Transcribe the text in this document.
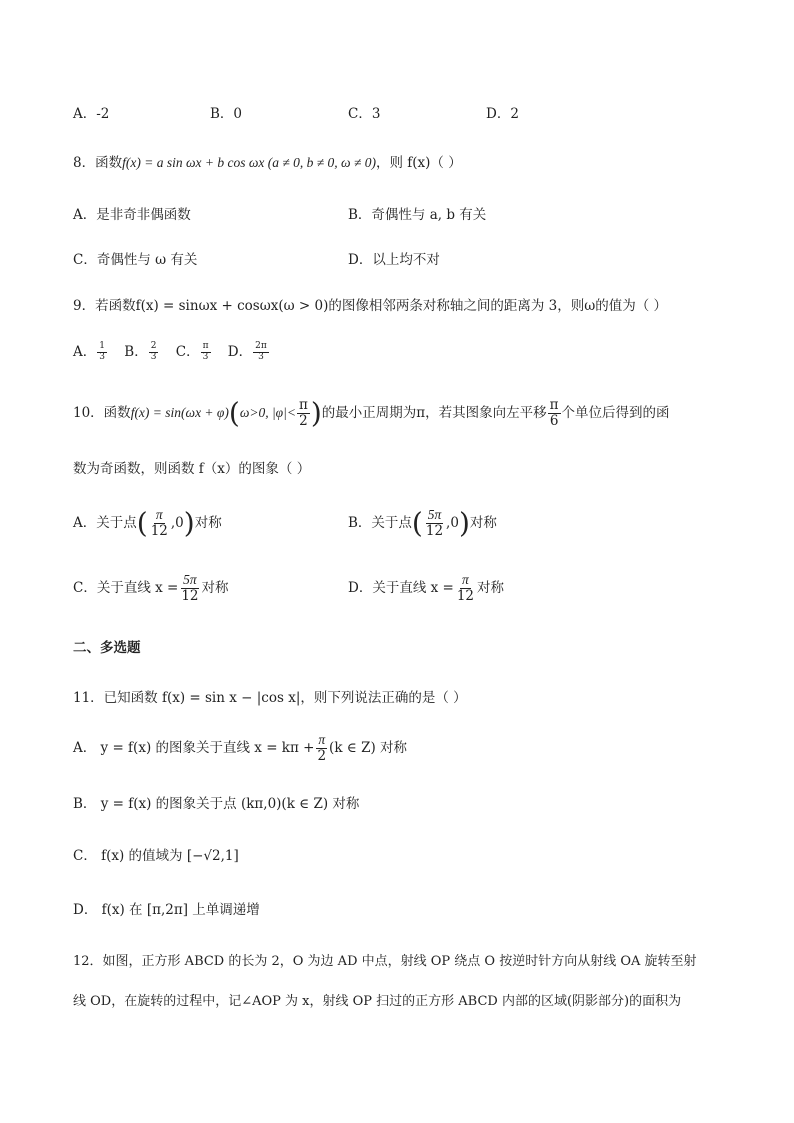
A．-2	B．0	C．3	D．2
8．函数f(x) = a sin ωx + b cos ωx (a ≠ 0, b ≠ 0, ω ≠ 0)，则 f(x)（ ）
A．是非奇非偶函数	B．奇偶性与 a, b 有关
C．奇偶性与 ω 有关	D．以上均不对
9．若函数f(x) = sinωx + cosωx(ω > 0)的图像相邻两条对称轴之间的距离为 3，则ω的值为（ ）
A． $\frac{1}{3}$ B． $\frac{2}{3}$ C． $\frac{\pi}{3}$ D． $\frac{2\pi}{3}$
10．函数f(x) = sin(ωx + φ)(ω>0, $|\varphi|< \frac{\pi}{2}$ )的最小正周期为π，若其图象向左平移 $\frac{\pi}{6}$ 个单位后得到的函
数为奇函数，则函数 f（x）的图象（ ）
A．关于点( $\frac{\pi}{12} ,0$)对称	B．关于点( $\frac{5\pi}{12} ,0$)对称
C．关于直线 $x = \frac{5\pi}{12}$ 对称	D．关于直线 $x = \frac{\pi}{12}$ 对称
二、多选题
11．已知函数 f(x) = sin x − |cos x|，则下列说法正确的是（ ）
A． y = f(x) 的图象关于直线 $x = k\pi + \frac{\pi}{2} (k$ ∈ Z) 对称
B． y = f(x) 的图象关于点 (kπ,0)(k ∈ Z) 对称
C． f(x) 的值域为 [−√2,1]
D． f(x) 在 [π,2π] 上单调递增
12．如图，正方形 ABCD 的长为 2，O 为边 AD 中点，射线 OP 绕点 O 按逆时针方向从射线 OA 旋转至射
线 OD，在旋转的过程中，记∠AOP 为 x，射线 OP 扫过的正方形 ABCD 内部的区域(阴影部分)的面积为
